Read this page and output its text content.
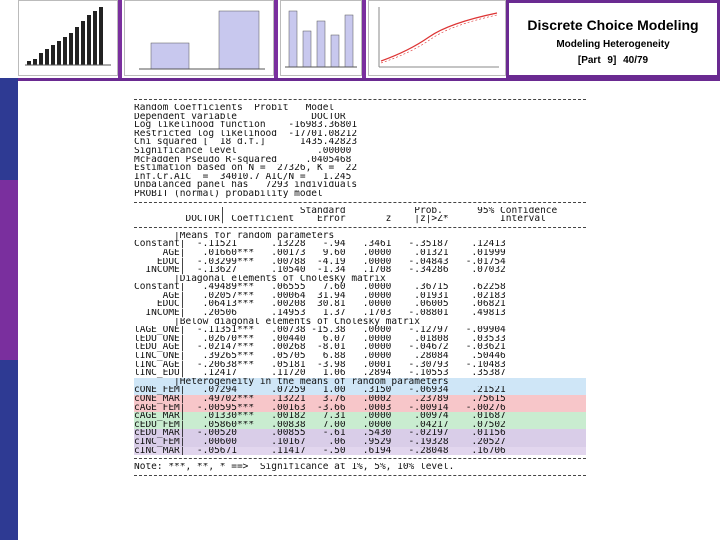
Discrete Choice Modeling
Modeling Heterogeneity
[Part 9] 40/79
Random Coefficients  Probit   Model
Dependent variable             DOCTOR
Log likelihood function    -16983.36801
Restricted log likelihood  -17701.08212
Chi squared [  18 d.f.]      1435.42823
Significance level              .00000
McFadden Pseudo R-squared     .0405468
Estimation based on N =  27326, K =  22
Inf.Cr.AIC  =  34010.7 AIC/N =   1.245
Unbalanced panel has   7293 individuals
PROBIT (normal) probability model
|             Standard            Prob.      95% Confidence
DOCTOR| Coefficient    Error       z    |z|>Z*         Interval
|Means for random parameters
Constant|  -.11521      .13228   -.94   .3461   -.35187    .12413
AGE|   .01660***   .00173   9.60   .0000    .01321    .01999
EDUC|  -.03299***   .00788  -4.19   .0000   -.04843   -.01754
INCOME|  -.13627      .10540  -1.34   .1708   -.34286    .07032
|Diagonal elements of Cholesky matrix
Constant|   .49489***   .06555   7.60   .0000    .36715    .62258
AGE|   .02057***   .00064  31.94   .0000    .01931    .02183
EDUC|   .06413***   .00208  30.81   .0000    .06005    .06821
INCOME|   .20506      .14953   1.37   .1703   -.08801    .49813
|Below diagonal elements of Cholesky matrix
lAGE_ONE|  -.11351***   .00738 -15.38   .0000   -.12797   -.09904
lEDU_ONE|   .02670***   .00440   6.07   .0000    .01808    .03533
lEDU_AGE|  -.02147***   .00268  -8.01   .0000   -.04672   -.03621
lINC_ONE|   .39265***   .05705   6.88   .0000    .28084    .50446
lINC_AGE|  -.20638***   .05181  -3.98   .0001   -.30793   -.10483
lINC_EDU|   .12417      .11720   1.06   .2894   -.10553    .35387
|Heterogeneity in the means of random parameters
cONE_FEM|   .07294      .07259   1.00   .3150   -.06934    .21521
cONE_MAR|   .49702***   .13221   3.76   .0002    .23789    .75615
cAGE_FEM|  -.00595***   .00163  -3.66   .0003   -.00914   -.00276
cAGE_MAR|   .01330***   .00182   7.31   .0000    .00974    .01687
cEDU_FEM|   .05860***   .00838   7.00   .0000    .04217    .07502
cEDU_MAR|  -.00520      .00855   -.61   .5430   -.02197    .01156
cINC_FEM|   .00600      .10167    .06   .9529   -.19328    .20527
cINC_MAR|  -.05671      .11417   -.50   .6194   -.28048    .16706
Note: ***, **, * ==>  Significance at 1%, 5%, 10% level.
